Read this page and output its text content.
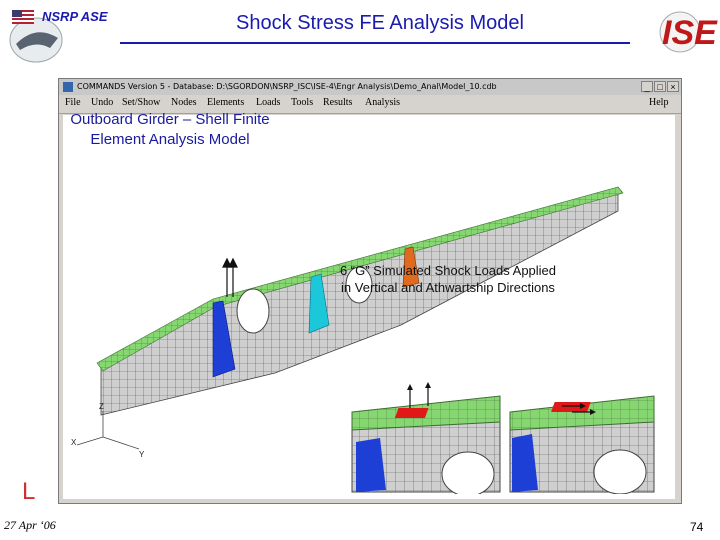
NSRP ASE	Shock Stress FE Analysis Model	ISE
COMMANDS Version 5 - Database: D:\SGORDON\NSRP_ISC\ISE-4\Engr Analysis\Demo_Anal\Model_10.cdb	_ □ ×
File Undo Set/Show Nodes Elements Loads Tools Results Analysis	Help
Z
X
Y
Outboard Girder – Shell Finite
Element Analysis Model
6 “G” Simulated Shock Loads Applied
in Vertical and Athwartship Directions
L
27 Apr ‘06	74
